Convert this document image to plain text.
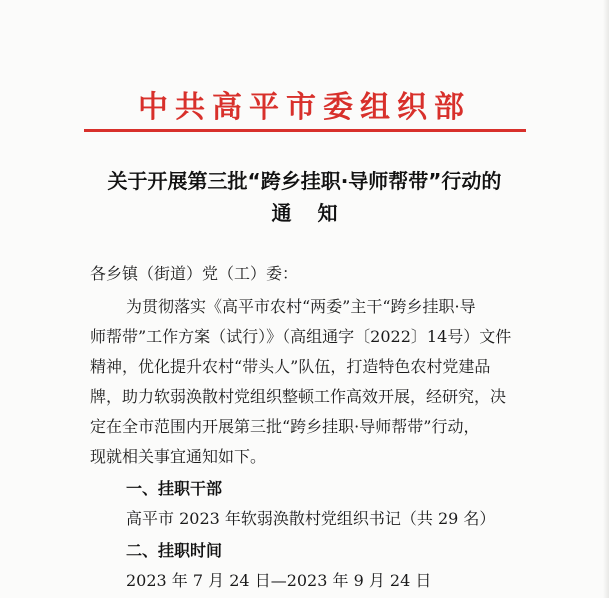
中共高平市委组织部
关于开展第三批“跨乡挂职·导师帮带”行动的
通知
各乡镇（街道）党（工）委：
为贯彻落实《高平市农村“两委”主干“跨乡挂职·导
师帮带”工作方案（试行）》（高组通字〔2022〕14号）文件
精神，优化提升农村“带头人”队伍，打造特色农村党建品
牌，助力软弱涣散村党组织整顿工作高效开展，经研究，决
定在全市范围内开展第三批“跨乡挂职·导师帮带”行动，
现就相关事宜通知如下。
一、挂职干部
高平市 2023 年软弱涣散村党组织书记（共 29 名）
二、挂职时间
2023 年 7 月 24 日—2023 年 9 月 24 日
